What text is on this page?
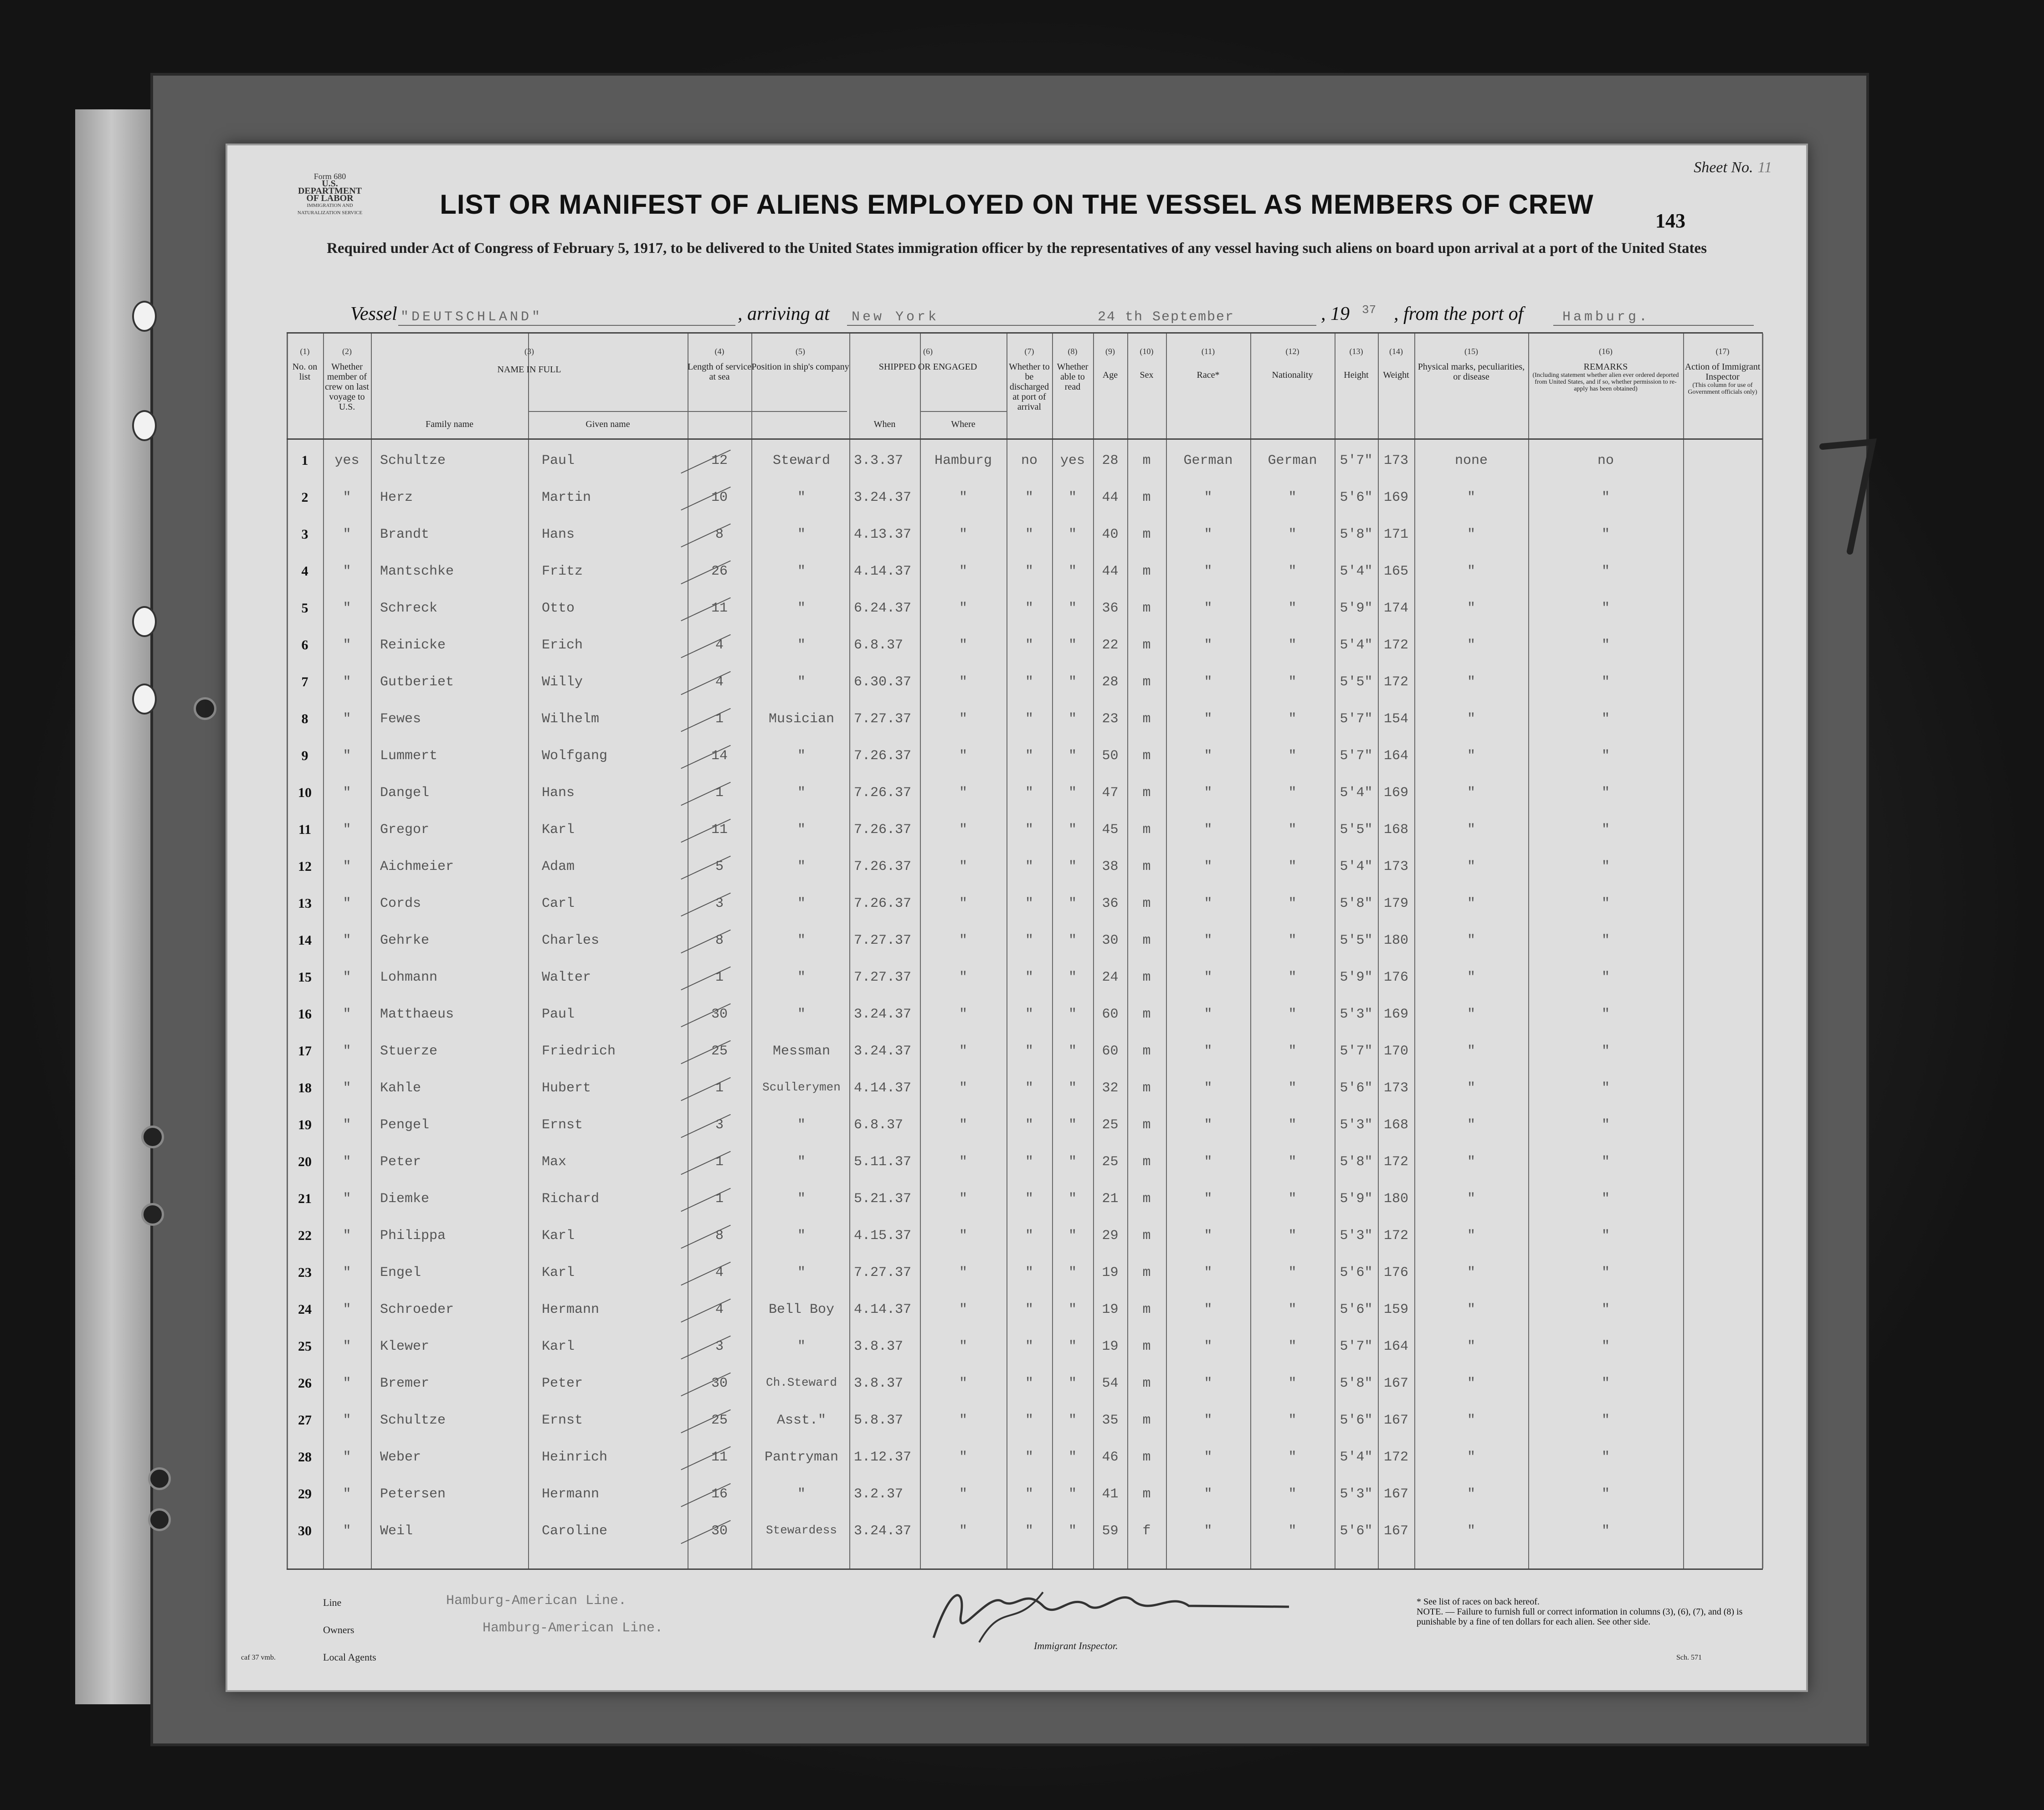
Form 680
U.S. DEPARTMENT OF LABOR
IMMIGRATION AND NATURALIZATION SERVICE
Sheet No. 11
LIST OR MANIFEST OF ALIENS EMPLOYED ON THE VESSEL AS MEMBERS OF CREW
143
Required under Act of Congress of February 5, 1917, to be delivered to the United States immigration officer by the representatives of any vessel having such aliens on board upon arrival at a port of the United States
Vessel "DEUTSCHLAND"	, arriving at New York	24 th September	, 19 37 , from the port of	Hamburg.
(1)
No. on list
(2)
Whether member of crew on last voyage to U.S.
(3)
NAME IN FULL
Family name	Given name
(4)
Length of service at sea
(5)
Position in ship's company
(6)
SHIPPED OR ENGAGED
When	Where
(7)
Whether to be discharged at port of arrival
(8)
Whether able to read
(9)
Age
(10)
Sex
(11)
Race*
(12)
Nationality
(13)
Height
(14)
Weight
(15)
Physical marks, peculiarities, or disease
(16)
REMARKS
(Including statement whether alien ever ordered deported from United States, and if so, whether permission to re-apply has been obtained)
(17)
Action of Immigrant Inspector
(This column for use of Government officials only)
1	yes	Schultze	Paul	12	Steward	3.3.37	Hamburg	no	yes	28	m	German	German	5'7" 173	none	no
2	"	Herz	Martin	10	"	3.24.37	"	"	"	44	m	"	"	5'6" 169	"	"
3	"	Brandt	Hans	8	"	4.13.37	"	"	"	40	m	"	"	5'8" 171	"	"
4	"	Mantschke	Fritz	26	"	4.14.37	"	"	"	44	m	"	"	5'4" 165	"	"
5	"	Schreck	Otto	11	"	6.24.37	"	"	"	36	m	"	"	5'9" 174	"	"
6	"	Reinicke	Erich	4	"	6.8.37	"	"	"	22	m	"	"	5'4" 172	"	"
7	"	Gutberiet	Willy	4	"	6.30.37	"	"	"	28	m	"	"	5'5" 172	"	"
8	"	Fewes	Wilhelm	1	Musician	7.27.37	"	"	"	23	m	"	"	5'7" 154	"	"
9	"	Lummert	Wolfgang	14	"	7.26.37	"	"	"	50	m	"	"	5'7" 164	"	"
10	"	Dangel	Hans	1	"	7.26.37	"	"	"	47	m	"	"	5'4" 169	"	"
11	"	Gregor	Karl	11	"	7.26.37	"	"	"	45	m	"	"	5'5" 168	"	"
12	"	Aichmeier	Adam	5	"	7.26.37	"	"	"	38	m	"	"	5'4" 173	"	"
13	"	Cords	Carl	3	"	7.26.37	"	"	"	36	m	"	"	5'8" 179	"	"
14	"	Gehrke	Charles	8	"	7.27.37	"	"	"	30	m	"	"	5'5" 180	"	"
15	"	Lohmann	Walter	1	"	7.27.37	"	"	"	24	m	"	"	5'9" 176	"	"
16	"	Matthaeus	Paul	30	"	3.24.37	"	"	"	60	m	"	"	5'3" 169	"	"
17	"	Stuerze	Friedrich	25	Messman	3.24.37	"	"	"	60	m	"	"	5'7" 170	"	"
18	"	Kahle	Hubert	1	Scullerymen 4.14.37	"	"	"	32	m	"	"	5'6" 173	"	"
19	"	Pengel	Ernst	3	"	6.8.37	"	"	"	25	m	"	"	5'3" 168	"	"
20	"	Peter	Max	1	"	5.11.37	"	"	"	25	m	"	"	5'8" 172	"	"
21	"	Diemke	Richard	1	"	5.21.37	"	"	"	21	m	"	"	5'9" 180	"	"
22	"	Philippa	Karl	8	"	4.15.37	"	"	"	29	m	"	"	5'3" 172	"	"
23	"	Engel	Karl	4	"	7.27.37	"	"	"	19	m	"	"	5'6" 176	"	"
24	"	Schroeder	Hermann	4	Bell Boy	4.14.37	"	"	"	19	m	"	"	5'6" 159	"	"
25	"	Klewer	Karl	3	"	3.8.37	"	"	"	19	m	"	"	5'7" 164	"	"
26	"	Bremer	Peter	30	Ch.Steward	3.8.37	"	"	"	54	m	"	"	5'8" 167	"	"
27	"	Schultze	Ernst	25	Asst."	5.8.37	"	"	"	35	m	"	"	5'6" 167	"	"
28	"	Weber	Heinrich	11	Pantryman	1.12.37	"	"	"	46	m	"	"	5'4" 172	"	"
29	"	Petersen	Hermann	16	"	3.2.37	"	"	"	41	m	"	"	5'3" 167	"	"
30	"	Weil	Caroline	30	Stewardess	3.24.37	"	"	"	59	f	"	"	5'6" 167	"	"
Line	Hamburg-American Line.
Owners	Hamburg-American Line.
Local Agents
Immigrant Inspector.
* See list of races on back hereof.
NOTE. — Failure to furnish full or correct information in columns (3), (6), (7), and (8) is punishable by a fine of ten dollars for each alien. See other side.
Sch. 571
caf 37 vmb.
